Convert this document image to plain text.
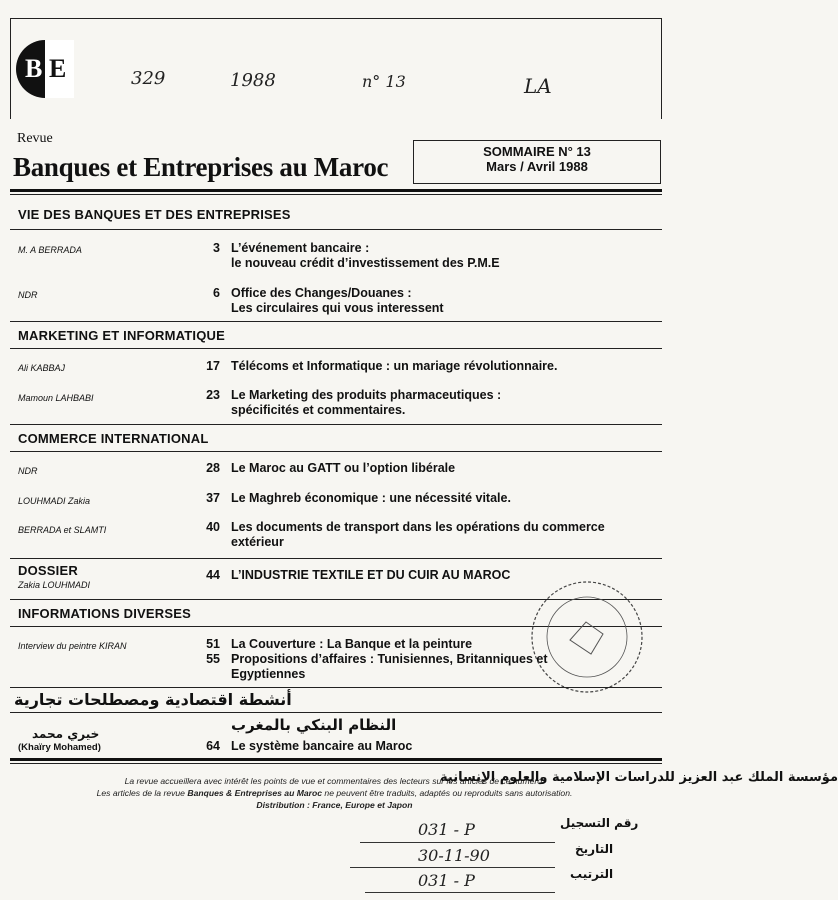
B E	329	1988	n° 13	LA
Revue
Banques et Entreprises au Maroc
SOMMAIRE N° 13
Mars / Avril 1988
VIE DES BANQUES ET DES ENTREPRISES
M. A BERRADA	3 L’événement bancaire :
le nouveau crédit d’investissement des P.M.E
NDR	6 Office des Changes/Douanes :
Les circulaires qui vous interessent
MARKETING ET INFORMATIQUE
Ali KABBAJ	17 Télécoms et Informatique : un mariage révolutionnaire.
Mamoun LAHBABI	23 Le Marketing des produits pharmaceutiques :
spécificités et commentaires.
COMMERCE INTERNATIONAL
NDR	28 Le Maroc au GATT ou l’option libérale
LOUHMADI Zakia	37 Le Maghreb économique : une nécessité vitale.
BERRADA et SLAMTI	40 Les documents de transport dans les opérations du commerce
extérieur
DOSSIER
Zakia LOUHMADI
44 L’INDUSTRIE TEXTILE ET DU CUIR AU MAROC
INFORMATIONS DIVERSES
Interview du peintre KIRAN	51 La Couverture : La Banque et la peinture
55 Propositions d’affaires : Tunisiennes, Britanniques et
Egyptiennes
أنشطة اقتصادية ومصطلحات تجارية
النظام البنكي بالمغرب
خيري محمد
(Khaïry Mohamed)	64 Le système bancaire au Maroc
La revue accueillera avec intérêt les points de vue et commentaires des lecteurs sur les articles de ce numéro.
Les articles de la revue Banques & Entreprises au Maroc ne peuvent être traduits, adaptés ou reproduits sans autorisation.
Distribution : France, Europe et Japon
مؤسسة الملك عبد العزيز للدراسات الإسلامية والعلوم الإنسانية
رقم التسجيل
031 - P
التاريخ
30-11-90
الترتيب
031 - P
